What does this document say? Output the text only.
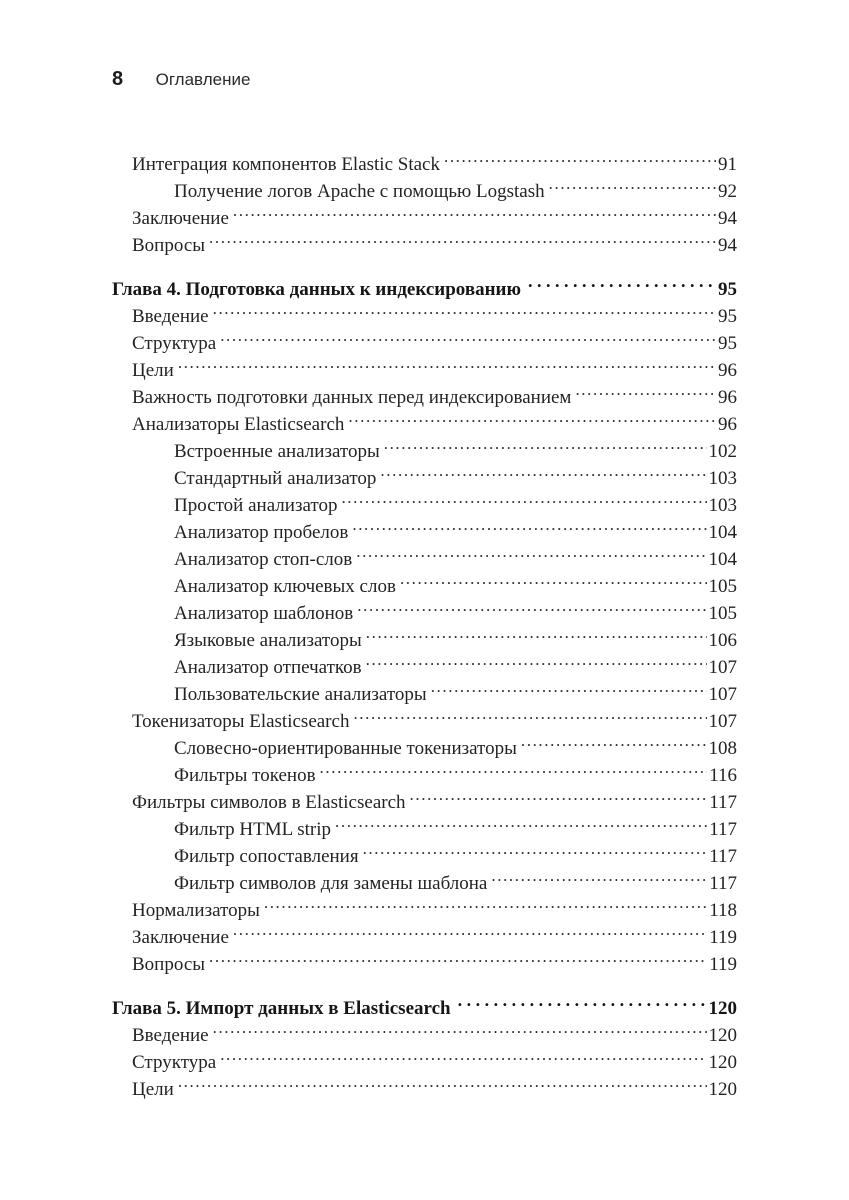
8 Оглавление
Интеграция компонентов Elastic Stack .....	91
Получение логов Apache с помощью Logstash .....	92
Заключение .....	94
Вопросы .....	94
Глава 4. Подготовка данных к индексированию .....	95
Введение .....	95
Структура .....	95
Цели .....	96
Важность подготовки данных перед индексированием .....	96
Анализаторы Elasticsearch .....	96
Встроенные анализаторы .....	102
Стандартный анализатор .....	103
Простой анализатор .....	103
Анализатор пробелов .....	104
Анализатор стоп-слов .....	104
Анализатор ключевых слов .....	105
Анализатор шаблонов .....	105
Языковые анализаторы .....	106
Анализатор отпечатков .....	107
Пользовательские анализаторы .....	107
Токенизаторы Elasticsearch .....	107
Словесно-ориентированные токенизаторы .....	108
Фильтры токенов .....	116
Фильтры символов в Elasticsearch .....	117
Фильтр HTML strip .....	117
Фильтр сопоставления .....	117
Фильтр символов для замены шаблона .....	117
Нормализаторы .....	118
Заключение .....	119
Вопросы .....	119
Глава 5. Импорт данных в Elasticsearch .....	120
Введение .....	120
Структура .....	120
Цели .....	120
